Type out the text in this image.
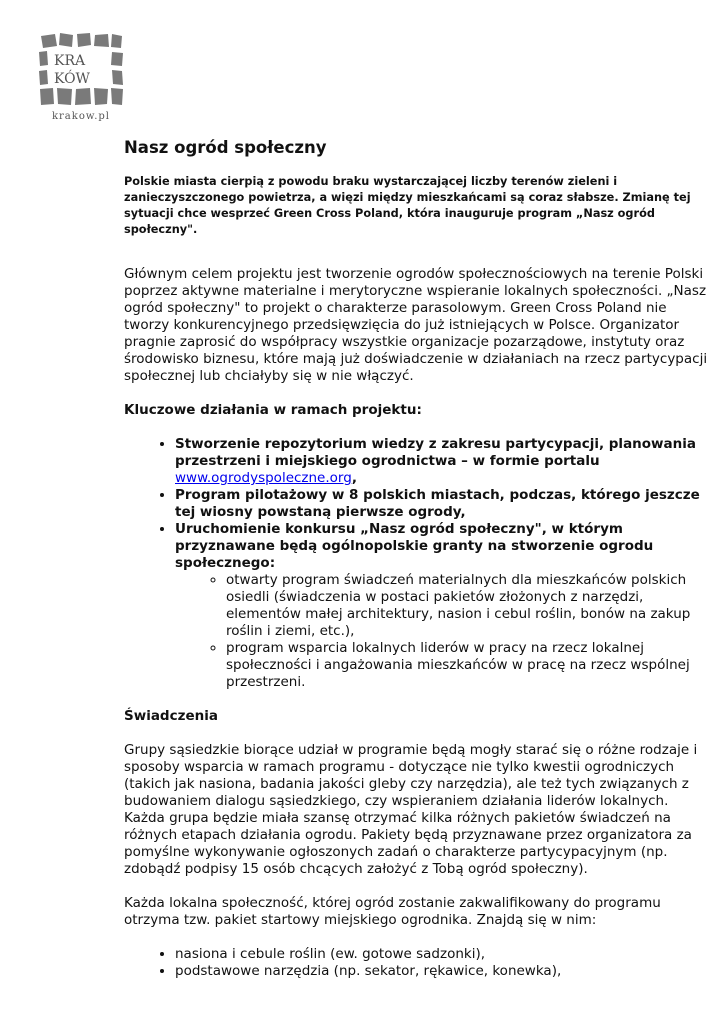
KRA
KÓW
krakow.pl
Nasz ogród społeczny

Polskie miasta cierpią z powodu braku wystarczającej liczby terenów zieleni i zanieczyszczonego powietrza, a więzi między mieszkańcami są coraz słabsze. Zmianę tej sytuacji chce wesprzeć Green Cross Poland, która inauguruje program „Nasz ogród społeczny".

Głównym celem projektu jest tworzenie ogrodów społecznościowych na terenie Polski poprzez aktywne materialne i merytoryczne wspieranie lokalnych społeczności. „Nasz ogród społeczny" to projekt o charakterze parasolowym. Green Cross Poland nie tworzy konkurencyjnego przedsięwzięcia do już istniejących w Polsce. Organizator pragnie zaprosić do współpracy wszystkie organizacje pozarządowe, instytuty oraz środowisko biznesu, które mają już doświadczenie w działaniach na rzecz partycypacji społecznej lub chciałyby się w nie włączyć.

Kluczowe działania w ramach projektu:
• Stworzenie repozytorium wiedzy z zakresu partycypacji, planowania przestrzeni i miejskiego ogrodnictwa – w formie portalu www.ogrodyspoleczne.org,
• Program pilotażowy w 8 polskich miastach, podczas, którego jeszcze tej wiosny powstaną pierwsze ogrody,
• Uruchomienie konkursu „Nasz ogród społeczny", w którym przyznawane będą ogólnopolskie granty na stworzenie ogrodu społecznego:
◦ otwarty program świadczeń materialnych dla mieszkańców polskich osiedli (świadczenia w postaci pakietów złożonych z narzędzi, elementów małej architektury, nasion i cebul roślin, bonów na zakup roślin i ziemi, etc.),
◦ program wsparcia lokalnych liderów w pracy na rzecz lokalnej społeczności i angażowania mieszkańców w pracę na rzecz wspólnej przestrzeni.
Świadczenia

Grupy sąsiedzkie biorące udział w programie będą mogły starać się o różne rodzaje i sposoby wsparcia w ramach programu - dotyczące nie tylko kwestii ogrodniczych (takich jak nasiona, badania jakości gleby czy narzędzia), ale też tych związanych z budowaniem dialogu sąsiedzkiego, czy wspieraniem działania liderów lokalnych. Każda grupa będzie miała szansę otrzymać kilka różnych pakietów świadczeń na różnych etapach działania ogrodu. Pakiety będą przyznawane przez organizatora za pomyślne wykonywanie ogłoszonych zadań o charakterze partycypacyjnym (np. zdobądź podpisy 15 osób chcących założyć z Tobą ogród społeczny).

Każda lokalna społeczność, której ogród zostanie zakwalifikowany do programu otrzyma tzw. pakiet startowy miejskiego ogrodnika. Znajdą się w nim:

• nasiona i cebule roślin (ew. gotowe sadzonki),
• podstawowe narzędzia (np. sekator, rękawice, konewka),
